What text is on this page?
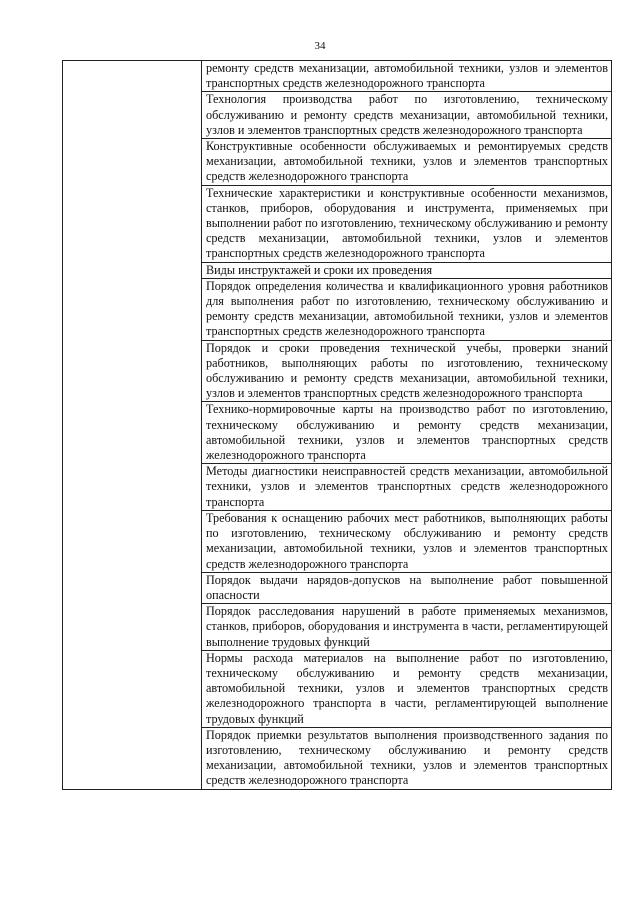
34

ремонту средств механизации, автомобильной техники, узлов и элементов транспортных средств железнодорожного транспорта
Технология производства работ по изготовлению, техническому обслуживанию и ремонту средств механизации, автомобильной техники, узлов и элементов транспортных средств железнодорожного транспорта
Конструктивные особенности обслуживаемых и ремонтируемых средств механизации, автомобильной техники, узлов и элементов транспортных средств железнодорожного транспорта
Технические характеристики и конструктивные особенности механизмов, станков, приборов, оборудования и инструмента, применяемых при выполнении работ по изготовлению, техническому обслуживанию и ремонту средств механизации, автомобильной техники, узлов и элементов транспортных средств железнодорожного транспорта
Виды инструктажей и сроки их проведения
Порядок определения количества и квалификационного уровня работников для выполнения работ по изготовлению, техническому обслуживанию и ремонту средств механизации, автомобильной техники, узлов и элементов транспортных средств железнодорожного транспорта
Порядок и сроки проведения технической учебы, проверки знаний работников, выполняющих работы по изготовлению, техническому обслуживанию и ремонту средств механизации, автомобильной техники, узлов и элементов транспортных средств железнодорожного транспорта
Технико-нормировочные карты на производство работ по изготовлению, техническому обслуживанию и ремонту средств механизации, автомобильной техники, узлов и элементов транспортных средств железнодорожного транспорта
Методы диагностики неисправностей средств механизации, автомобильной техники, узлов и элементов транспортных средств железнодорожного транспорта
Требования к оснащению рабочих мест работников, выполняющих работы по изготовлению, техническому обслуживанию и ремонту средств механизации, автомобильной техники, узлов и элементов транспортных средств железнодорожного транспорта
Порядок выдачи нарядов-допусков на выполнение работ повышенной опасности
Порядок расследования нарушений в работе применяемых механизмов, станков, приборов, оборудования и инструмента в части, регламентирующей выполнение трудовых функций
Нормы расхода материалов на выполнение работ по изготовлению, техническому обслуживанию и ремонту средств механизации, автомобильной техники, узлов и элементов транспортных средств железнодорожного транспорта в части, регламентирующей выполнение трудовых функций
Порядок приемки результатов выполнения производственного задания по изготовлению, техническому обслуживанию и ремонту средств механизации, автомобильной техники, узлов и элементов транспортных средств железнодорожного транспорта
